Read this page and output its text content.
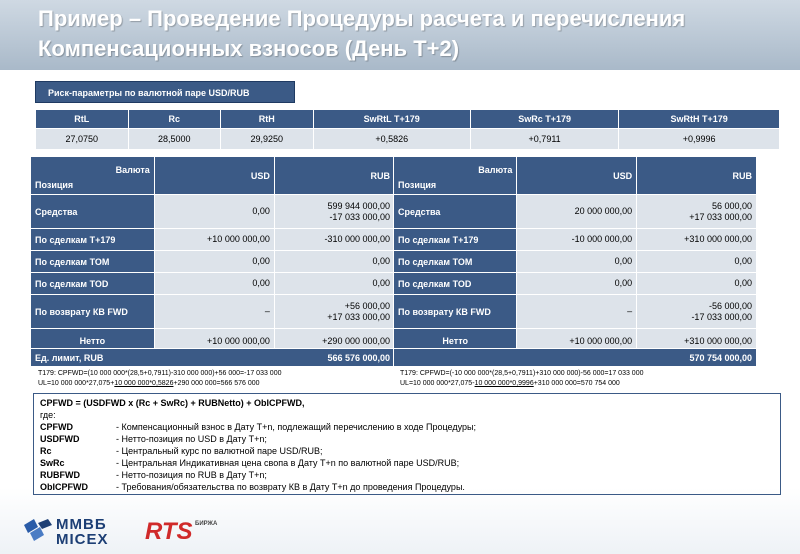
Пример – Проведение Процедуры расчета и перечисления Компенсационных взносов (День Т+2)
Риск-параметры по валютной паре USD/RUB
RtL	Rc	RtH	SwRtL Т+179	SwRc Т+179	SwRtH Т+179
27,0750	28,5000	29,9250	+0,5826	+0,7911	+0,9996
Валюта
Позиция	USD	RUB
Средства	0,00	599 944 000,00
-17 033 000,00
По сделкам Т+179	+10 000 000,00	-310 000 000,00
По сделкам TOM	0,00	0,00
По сделкам TOD	0,00	0,00
По возврату КВ FWD	–	+56 000,00
+17 033 000,00
Нетто	+10 000 000,00	+290 000 000,00
Валюта
Позиция	USD	RUB
Средства	20 000 000,00	56 000,00
+17 033 000,00
По сделкам Т+179	-10 000 000,00	+310 000 000,00
По сделкам TOM	0,00	0,00
По сделкам TOD	0,00	0,00
По возврату КВ FWD	–	-56 000,00
-17 033 000,00
Нетто	+10 000 000,00	+310 000 000,00
Ед. лимит, RUB	566 576 000,00	570 754 000,00
Т179: CPFWD=(10 000 000*(28,5+0,7911)-310 000 000)+56 000=-17 033 000
UL=10 000 000*27,075+10 000 000*0,5826+290 000 000=566 576 000
Т179: CPFWD=(-10 000 000*(28,5+0,7911)+310 000 000)-56 000=17 033 000
UL=10 000 000*27,075-10 000 000*0,9996+310 000 000=570 754 000
CPFWD = (USDFWD x (Rc + SwRc) + RUBNetto) + ObICPFWD,
где:
CPFWD	- Компенсационный взнос в Дату Т+n, подлежащий перечислению в ходе Процедуры;
USDFWD	- Нетто-позиция по USD в Дату Т+n;
Rc	- Центральный курс по валютной паре USD/RUB;
SwRc	- Центральная Индикативная цена свопа в Дату Т+n по валютной паре USD/RUB;
RUBFWD	- Нетто-позиция по RUB в Дату Т+n;
ObICPFWD	- Требования/обязательства по возврату КВ в Дату Т+n до проведения Процедуры.
ММВБ
MICEX RTS БИРЖА
